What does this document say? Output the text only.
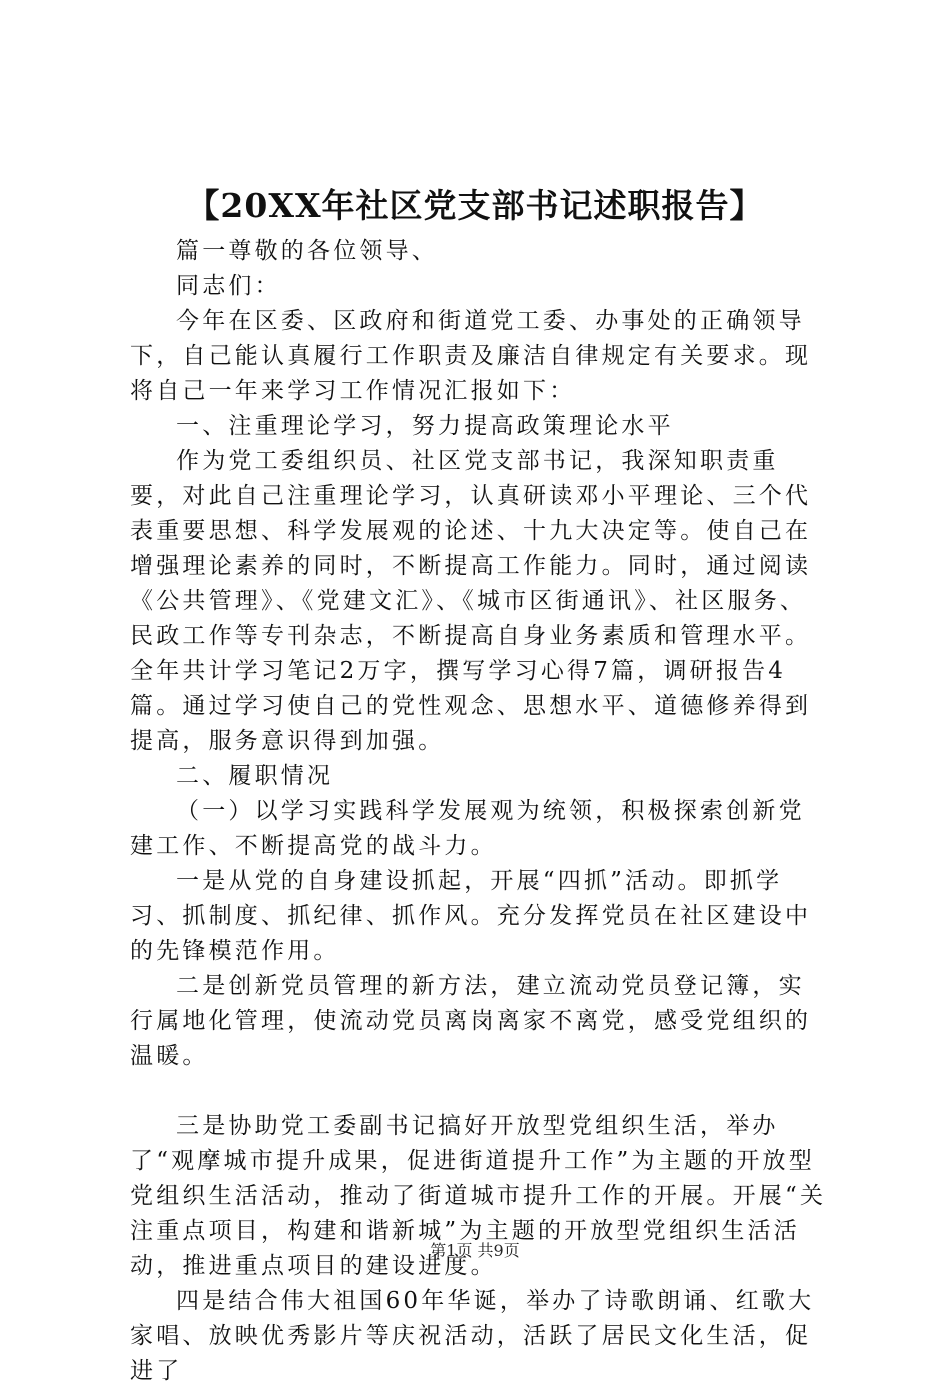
【20XX年社区党支部书记述职报告】

篇一尊敬的各位领导、

同志们：

今年在区委、区政府和街道党工委、办事处的正确领导下，自己能认真履行工作职责及廉洁自律规定有关要求。现将自己一年来学习工作情况汇报如下：

一、注重理论学习，努力提高政策理论水平

作为党工委组织员、社区党支部书记，我深知职责重要，对此自己注重理论学习，认真研读邓小平理论、三个代表重要思想、科学发展观的论述、十九大决定等。使自己在增强理论素养的同时，不断提高工作能力。同时，通过阅读《公共管理》、《党建文汇》、《城市区街通讯》、社区服务、民政工作等专刊杂志，不断提高自身业务素质和管理水平。全年共计学习笔记2万字，撰写学习心得7篇，调研报告4篇。通过学习使自己的党性观念、思想水平、道德修养得到提高，服务意识得到加强。

二、履职情况

（一）以学习实践科学发展观为统领，积极探索创新党建工作、不断提高党的战斗力。

一是从党的自身建设抓起，开展“四抓”活动。即抓学习、抓制度、抓纪律、抓作风。充分发挥党员在社区建设中的先锋模范作用。

二是创新党员管理的新方法，建立流动党员登记簿，实行属地化管理，使流动党员离岗离家不离党，感受党组织的温暖。

三是协助党工委副书记搞好开放型党组织生活，举办了“观摩城市提升成果，促进街道提升工作”为主题的开放型党组织生活活动，推动了街道城市提升工作的开展。开展“关注重点项目，构建和谐新城”为主题的开放型党组织生活活动，推进重点项目的建设进度。

四是结合伟大祖国60年华诞，举办了诗歌朗诵、红歌大家唱、放映优秀影片等庆祝活动，活跃了居民文化生活，促进了

第1页 共9页
